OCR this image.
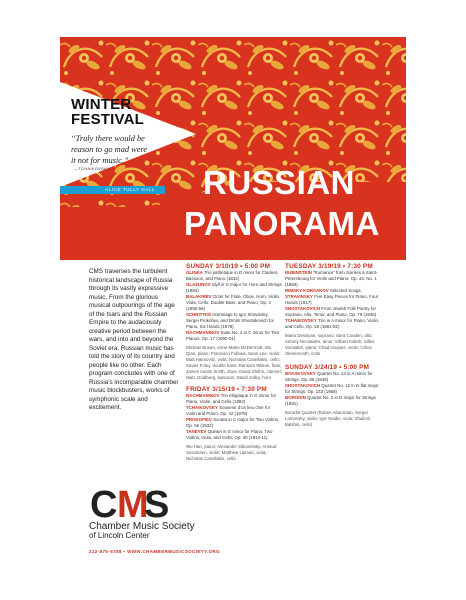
WINTER
FESTIVAL
“Truly there would be reason to go mad were it not for music.”
—TCHAIKOVSKY
ALICE TULLY HALL RUSSIAN
PANORAMA
CMS traverses the turbulent historical landscape of Russia through its vastly expressive music. From the glorious musical outpourings of the age of the tsars and the Russian Empire to the audaciously creative period between the wars, and into and beyond the Soviet era, Russian music has told the story of its country and people like no other. Each program concludes with one of Russia’s incomparable chamber music blockbusters, works of symphonic scale and excitement.
SUNDAY 3/10/19 • 5:00 PM

GLINKA Trio pathétique in D minor for Clarinet, Bassoon, and Piano (1832)

GLAZUNOV Idyll in G major for Horn and Strings (1884)

BALAKIREV Octet for Flute, Oboe, Horn, Violin, Viola, Cello, Double Bass, and Piano, Op. 3 (1855-56)

SCHNITTKE Hommage to Igor Stravinsky, Sergei Prokofiev, and Dmitri Shostakovich for Piano, Six Hands (1979)

RACHMANINOV Suite No. 2 in C minor for Two Pianos, Op. 17 (1900-01)

Michael Brown, Anne-Marie McDermott, Wu Qian, piano; Francisco Fullana, Sean Lee, violin; Matt Haimovitz, viola; Nicholas Canellakis, cello; Xavier Foley, double bass; Ransom Wilson, flute; James Austin Smith, oboe; David Shifrin, clarinet; Marc Goldberg, bassoon; David Jolley, horn

FRIDAY 3/15/19 • 7:30 PM

RACHMANINOV Trio élégiaque in G minor for Piano, Violin, and Cello (1892)

TCHAIKOVSKY Souvenir d’un lieu cher for Violin and Piano, Op. 42 (1878)

PROKOFIEV Sonata in C major for Two Violins, Op. 56 (1932)

TANEYEV Quintet in G minor for Piano, Two Violins, Viola, and Cello, Op. 30 (1910-11)

Wu Han, piano; Alexander Sitkovetsky, Arnaud Sussmann, violin; Matthew Lipman, viola; Nicholas Canellakis, cello

TUESDAY 3/19/19 • 7:30 PM

RUBINSTEIN “Romance” from Soirées à Saint-Pétersbourg for Violin and Piano, Op. 44, No. 1 (1860)

RIMSKY-KORSAKOV Selected Songs

STRAVINSKY Five Easy Pieces for Piano, Four Hands (1917)

SHOSTAKOVICH From Jewish Folk Poetry for Soprano, Alto, Tenor, and Piano, Op. 79 (1948)

TCHAIKOVSKY Trio in A minor for Piano, Violin, and Cello, Op. 50 (1881-82)

Maria Dessiyan, soprano; Sara Couden, alto; Antony Nicolaides, tenor; Gilbert Kalish, Gilles Vonsattel, piano; Chad Hoopes, violin; Chloe Olesemonth, cello

SUNDAY 3/24/19 • 5:00 PM

MYASKOVSKY Quartet No. 13 in A minor for Strings, Op. 86 (1949)

SHOSTAKOVICH Quartet No. 12 in D-flat major for Strings, Op. 133 (1968)

BORODIN Quartet No. 2 in D major for Strings (1881)

Borodin Quartet (Ruben Aharonian, Sergei Lomovsky, violin; Igor Naidin, viola; Vladimir Balshin, cello)

C M
S
Chamber Music Society
of Lincoln Center
212-875-5788 • WWW.CHAMBERMUSICSOCIETY.ORG
